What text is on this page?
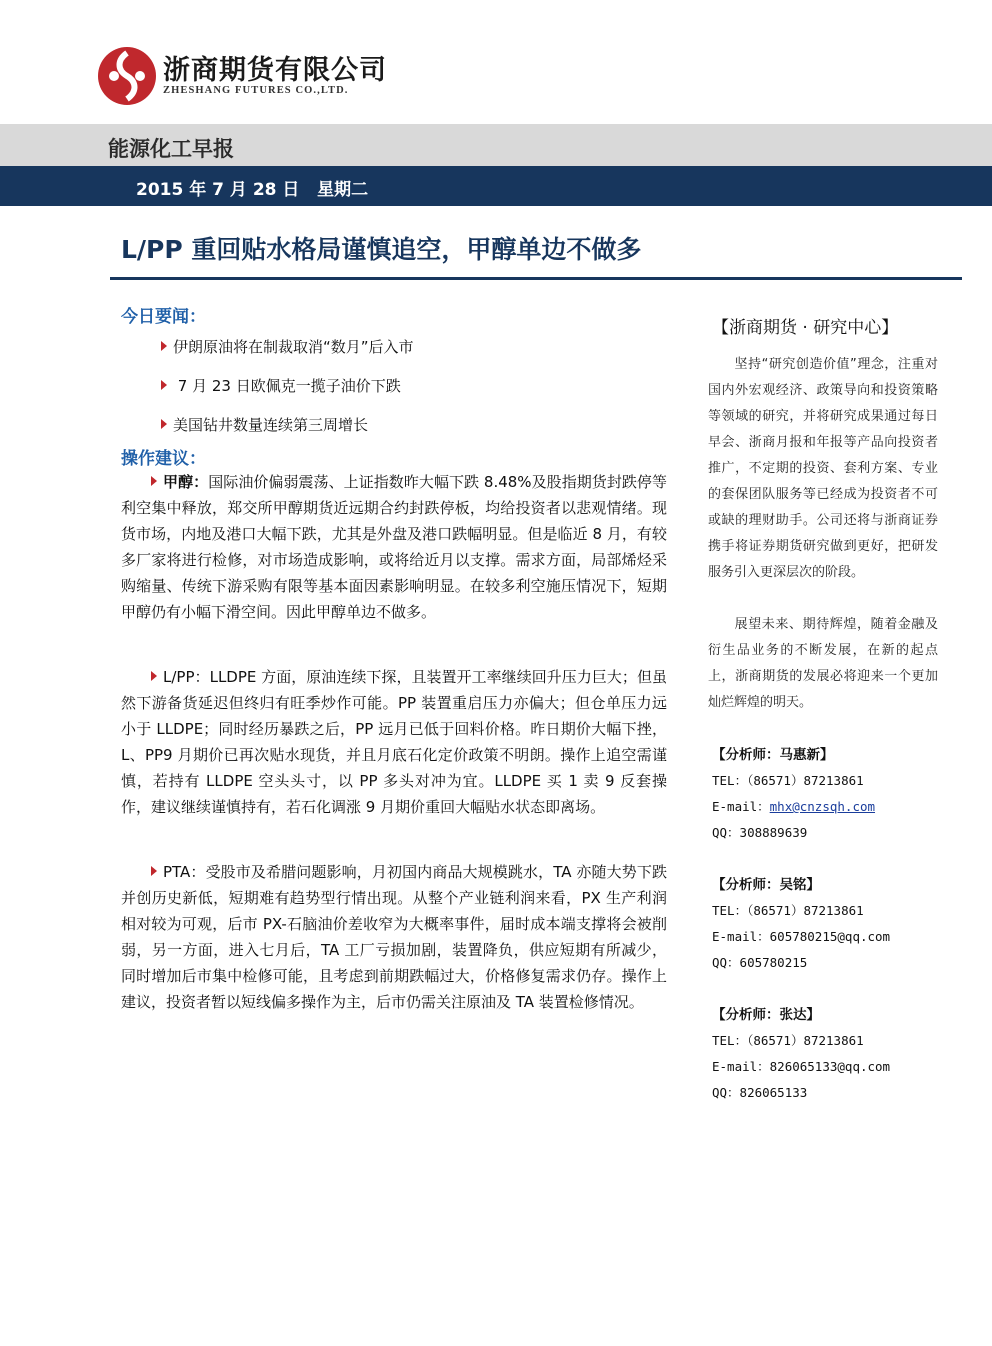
浙商期货有限公司
ZHESHANG FUTURES CO.,LTD.
能源化工早报
2015 年 7 月 28 日   星期二
L/PP 重回贴水格局谨慎追空，甲醇单边不做多
今日要闻：
伊朗原油将在制裁取消“数月”后入市
7 月 23 日欧佩克一揽子油价下跌
美国钻井数量连续第三周增长
操作建议：

甲醇：国际油价偏弱震荡、上证指数昨大幅下跌 8.48%及股指期货封跌停等利空集中释放，郑交所甲醇期货近远期合约封跌停板，均给投资者以悲观情绪。现货市场，内地及港口大幅下跌，尤其是外盘及港口跌幅明显。但是临近 8 月，有较多厂家将进行检修，对市场造成影响，或将给近月以支撑。需求方面，局部烯烃采购缩量、传统下游采购有限等基本面因素影响明显。在较多利空施压情况下，短期甲醇仍有小幅下滑空间。因此甲醇单边不做多。

L/PP：LLDPE 方面，原油连续下探，且装置开工率继续回升压力巨大；但虽然下游备货延迟但终归有旺季炒作可能。PP 装置重启压力亦偏大；但仓单压力远小于 LLDPE；同时经历暴跌之后，PP 远月已低于回料价格。昨日期价大幅下挫，L、PP9 月期价已再次贴水现货，并且月底石化定价政策不明朗。操作上追空需谨慎，若持有 LLDPE 空头头寸，以 PP 多头对冲为宜。LLDPE 买 1 卖 9 反套操作，建议继续谨慎持有，若石化调涨 9 月期价重回大幅贴水状态即离场。

PTA：受股市及希腊问题影响，月初国内商品大规模跳水，TA 亦随大势下跌并创历史新低，短期难有趋势型行情出现。从整个产业链利润来看，PX 生产利润相对较为可观，后市 PX-石脑油价差收窄为大概率事件，届时成本端支撑将会被削弱，另一方面，进入七月后，TA 工厂亏损加剧，装置降负，供应短期有所减少，同时增加后市集中检修可能，且考虑到前期跌幅过大，价格修复需求仍存。操作上建议，投资者暂以短线偏多操作为主，后市仍需关注原油及 TA 装置检修情况。

【浙商期货 · 研究中心】

坚持“研究创造价值”理念，注重对国内外宏观经济、政策导向和投资策略等领域的研究，并将研究成果通过每日早会、浙商月报和年报等产品向投资者推广，不定期的投资、套利方案、专业的套保团队服务等已经成为投资者不可或缺的理财助手。公司还将与浙商证券携手将证券期货研究做到更好，把研发服务引入更深层次的阶段。

展望未来、期待辉煌，随着金融及衍生品业务的不断发展，在新的起点上，浙商期货的发展必将迎来一个更加灿烂辉煌的明天。

【分析师：马惠新】
TEL：（86571）87213861
E-mail：mhx@cnzsqh.com
QQ：308889639
【分析师：吴铭】
TEL：（86571）87213861
E-mail：605780215@qq.com
QQ：605780215
【分析师：张达】
TEL：（86571）87213861
E-mail：826065133@qq.com
QQ：826065133
